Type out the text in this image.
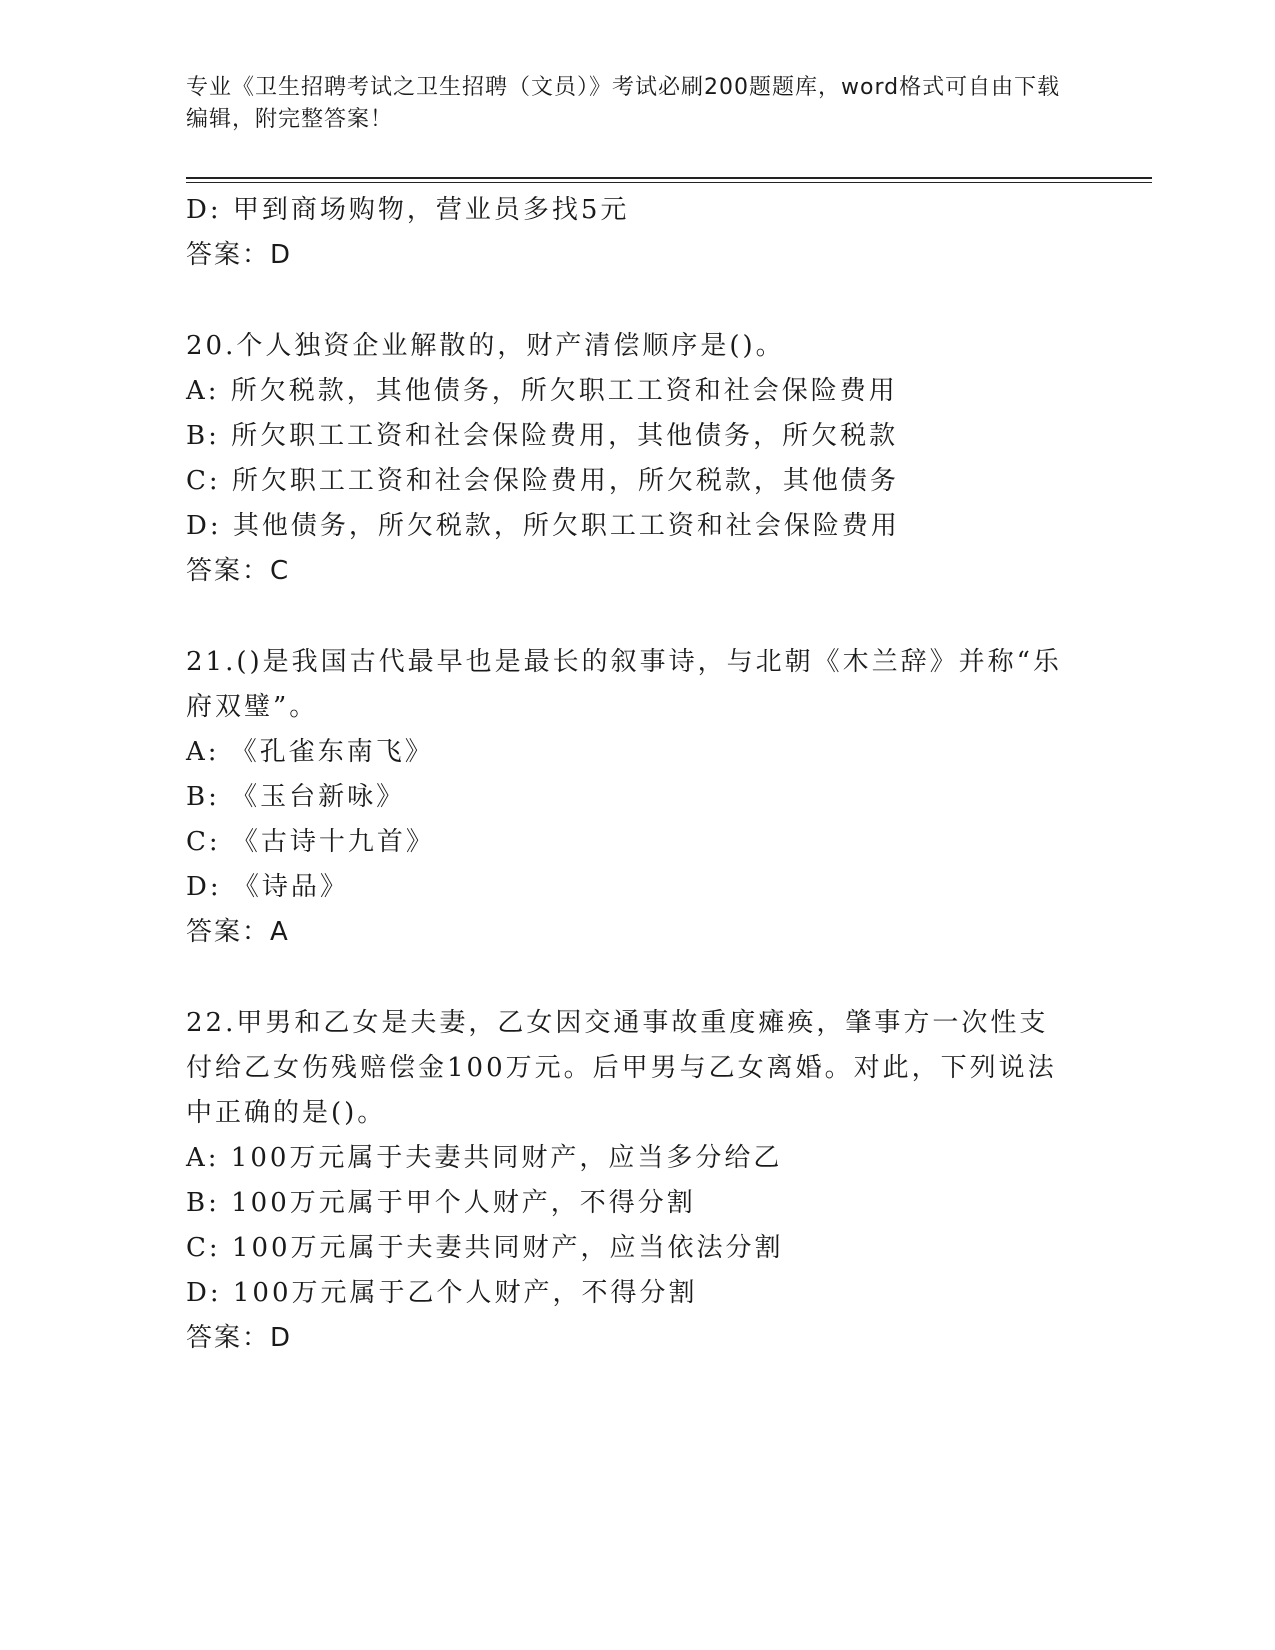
专业《卫生招聘考试之卫生招聘（文员）》考试必刷200题题库，word格式可自由下载编辑，附完整答案！
D: 甲到商场购物，营业员多找5元
答案：D
20.个人独资企业解散的，财产清偿顺序是()。
A: 所欠税款，其他债务，所欠职工工资和社会保险费用
B: 所欠职工工资和社会保险费用，其他债务，所欠税款
C: 所欠职工工资和社会保险费用，所欠税款，其他债务
D: 其他债务，所欠税款，所欠职工工资和社会保险费用
答案：C
21.()是我国古代最早也是最长的叙事诗，与北朝《木兰辞》并称“乐府双璧”。
A: 《孔雀东南飞》
B: 《玉台新咏》
C: 《古诗十九首》
D: 《诗品》
答案：A
22.甲男和乙女是夫妻，乙女因交通事故重度瘫痪，肇事方一次性支付给乙女伤残赔偿金100万元。后甲男与乙女离婚。对此，下列说法中正确的是()。
A: 100万元属于夫妻共同财产，应当多分给乙
B: 100万元属于甲个人财产，不得分割
C: 100万元属于夫妻共同财产，应当依法分割
D: 100万元属于乙个人财产，不得分割
答案：D
